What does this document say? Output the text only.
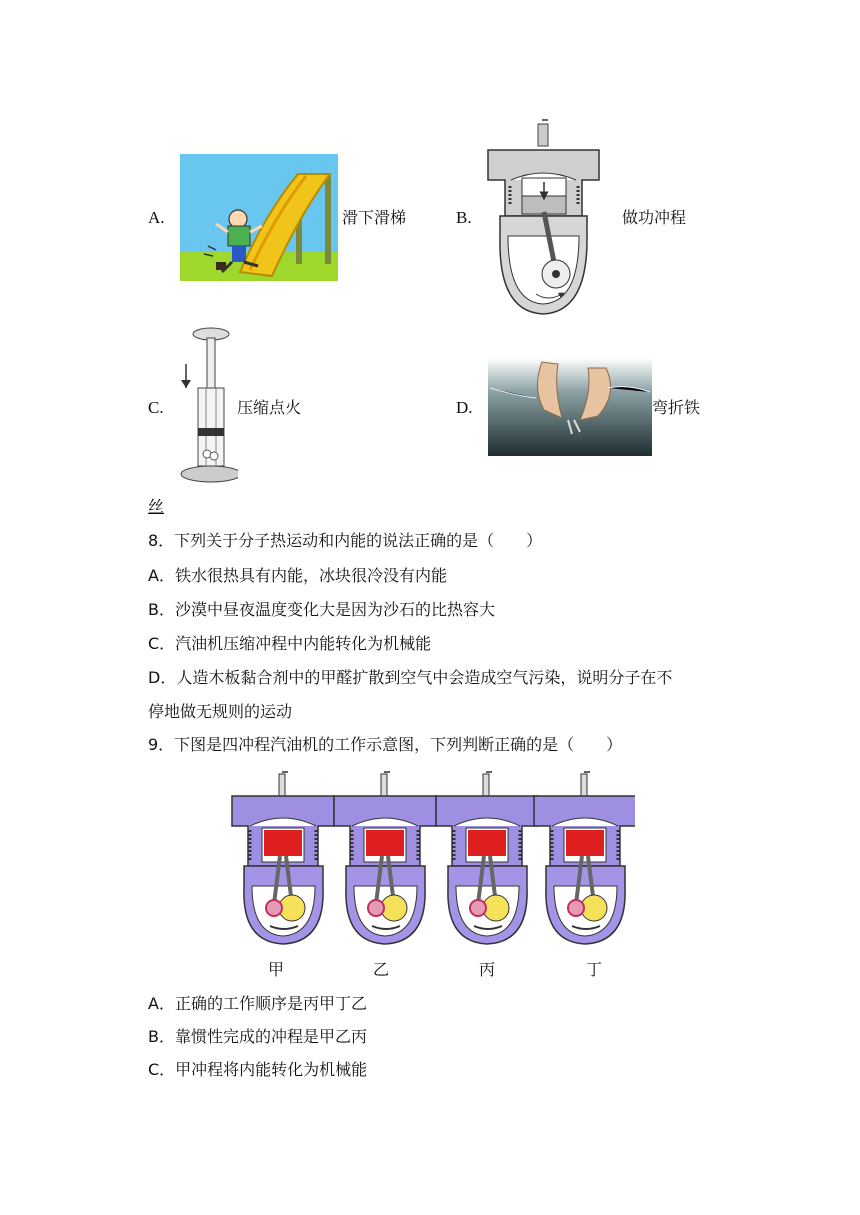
A.	滑下滑梯	B.	做功冲程
C.	压缩点火	D.	弯折铁
丝
8．下列关于分子热运动和内能的说法正确的是（　　）
A．铁水很热具有内能，冰块很冷没有内能
B．沙漠中昼夜温度变化大是因为沙石的比热容大
C．汽油机压缩冲程中内能转化为机械能
D．人造木板黏合剂中的甲醛扩散到空气中会造成空气污染，说明分子在不
停地做无规则的运动
9．下图是四冲程汽油机的工作示意图，下列判断正确的是（　　）
甲	乙	丙	丁
A．正确的工作顺序是丙甲丁乙
B．靠惯性完成的冲程是甲乙丙
C．甲冲程将内能转化为机械能
